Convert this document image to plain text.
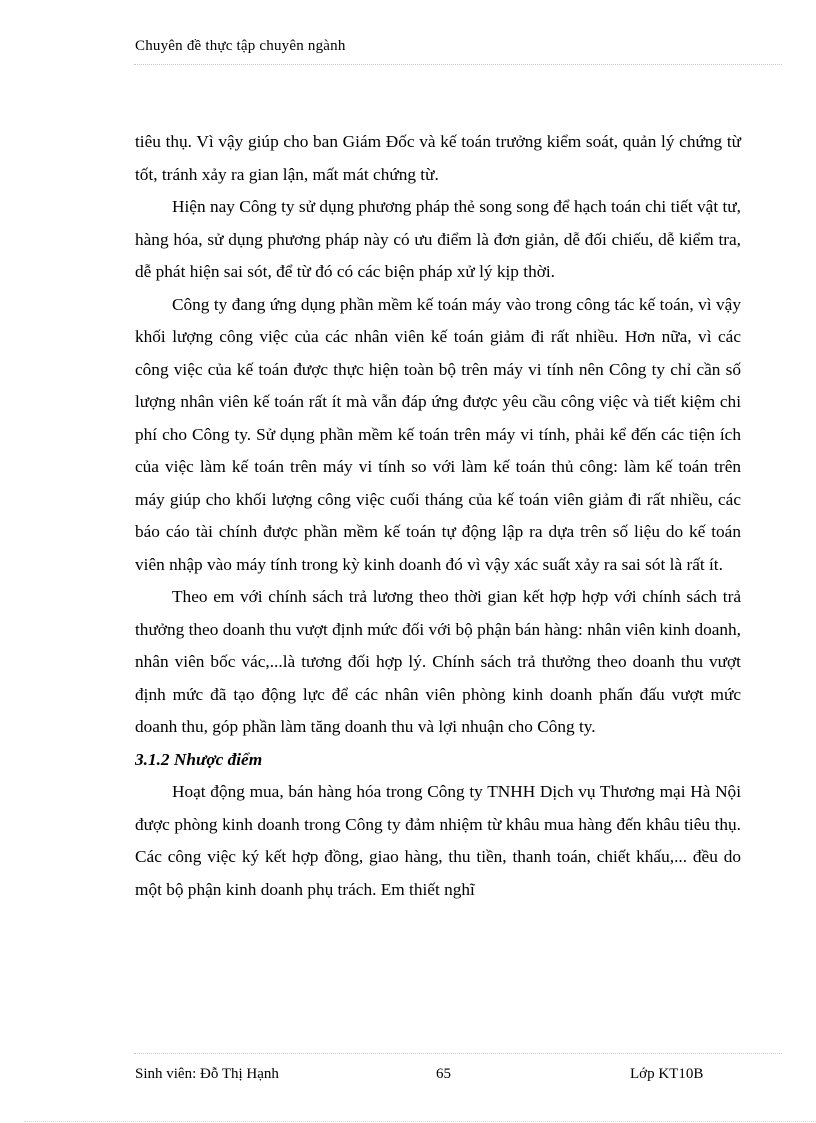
Chuyên đề thực tập chuyên ngành

tiêu thụ. Vì vậy giúp cho ban Giám Đốc và kế toán trưởng kiểm soát, quản lý chứng từ tốt, tránh xảy ra gian lận, mất mát chứng từ.

Hiện nay Công ty sử dụng phương pháp thẻ song song để hạch toán chi tiết vật tư, hàng hóa, sử dụng phương pháp này có ưu điểm là đơn giản, dễ đối chiếu, dễ kiểm tra, dễ phát hiện sai sót, để từ đó có các biện pháp xử lý kịp thời.

Công ty đang ứng dụng phần mềm kế toán máy vào trong công tác kế toán, vì vậy khối lượng công việc của các nhân viên kế toán giảm đi rất nhiều. Hơn nữa, vì các công việc của kế toán được thực hiện toàn bộ trên máy vi tính nên Công ty chỉ cần số lượng nhân viên kế toán rất ít mà vẫn đáp ứng được yêu cầu công việc và tiết kiệm chi phí cho Công ty. Sử dụng phần mềm kế toán trên máy vi tính, phải kể đến các tiện ích của việc làm kế toán trên máy vi tính so với làm kế toán thủ công: làm kế toán trên máy giúp cho khối lượng công việc cuối tháng của kế toán viên giảm đi rất nhiều, các báo cáo tài chính được phần mềm kế toán tự động lập ra dựa trên số liệu do kế toán viên nhập vào máy tính trong kỳ kinh doanh đó vì vậy xác suất xảy ra sai sót là rất ít.

Theo em với chính sách trả lương theo thời gian kết hợp hợp với chính sách trả thưởng theo doanh thu vượt định mức đối với bộ phận bán hàng: nhân viên kinh doanh, nhân viên bốc vác,...là tương đối hợp lý. Chính sách trả thưởng theo doanh thu vượt định mức đã tạo động lực để các nhân viên phòng kinh doanh phấn đấu vượt mức doanh thu, góp phần làm tăng doanh thu và lợi nhuận cho Công ty.

3.1.2 Nhược điểm

Hoạt động mua, bán hàng hóa trong Công ty TNHH Dịch vụ Thương mại Hà Nội được phòng kinh doanh trong Công ty đảm nhiệm từ khâu mua hàng đến khâu tiêu thụ. Các công việc ký kết hợp đồng, giao hàng, thu tiền, thanh toán, chiết khấu,... đều do một bộ phận kinh doanh phụ trách. Em thiết nghĩ

Sinh viên: Đỗ Thị Hạnh	65	Lớp KT10B
